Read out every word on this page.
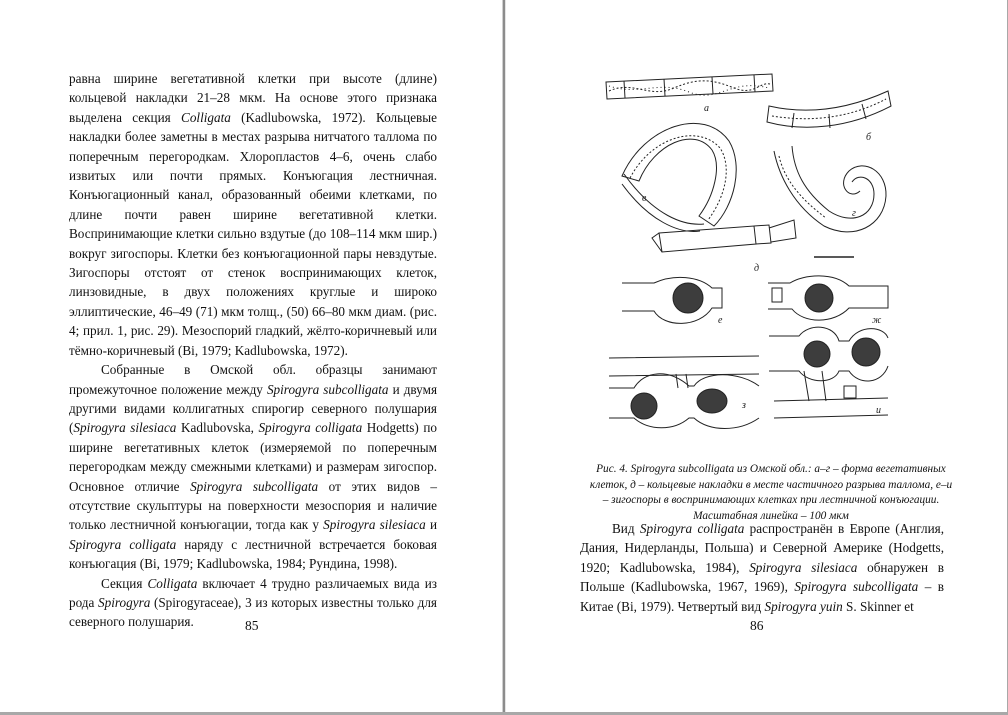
равна ширине вегетативной клетки при высоте (длине) кольцевой накладки 21–28 мкм. На основе этого признака выделена секция Colligata (Kadlubowska, 1972). Кольцевые накладки более заметны в местах разрыва нитчатого таллома по поперечным перегородкам. Хлоропластов 4–6, очень слабо извитых или почти прямых. Конъюгация лестничная. Конъюгационный канал, образованный обеими клетками, по длине почти равен ширине вегетативной клетки. Воспринимающие клетки сильно вздутые (до 108–114 мкм шир.) вокруг зигоспоры. Клетки без конъюгационной пары невздутые. Зигоспоры отстоят от стенок воспринимающих клеток, линзовидные, в двух положениях круглые и широко эллиптические, 46–49 (71) мкм толщ., (50) 66–80 мкм диам. (рис. 4; прил. 1, рис. 29). Мезоспорий гладкий, жёлто-коричневый или тёмно-коричневый (Bi, 1979; Kadlubowska, 1972).

Собранные в Омской обл. образцы занимают промежуточное положение между Spirogyra subcolligata и двумя другими видами коллигатных спирогир северного полушария (Spirogyra silesiaca Kadlubovska, Spirogyra colligata Hodgetts) по ширине вегетативных клеток (измеряемой по поперечным перегородкам между смежными клетками) и размерам зигоспор. Основное отличие Spirogyra subcolligata от этих видов – отсутствие скульптуры на поверхности мезоспория и наличие только лестничной конъюгации, тогда как у Spirogyra silesiaca и Spirogyra colligata наряду с лестничной встречается боковая конъюгация (Bi, 1979; Kadlubowska, 1984; Рундина, 1998).

Секция Colligata включает 4 трудно различаемых вида из рода Spirogyra (Spirogyraceae), 3 из которых известны только для северного полушария.	85
а
б
в
г
д
е	ж
з	и
Рис. 4. Spirogyra subcolligata из Омской обл.: а–г – форма вегетативных клеток, д – кольцевые накладки в месте частичного разрыва таллома, е–и – зигоспоры в воспринимающих клетках при лестничной конъюгации. Масштабная линейка – 100 мкм

Вид Spirogyra colligata распространён в Европе (Англия, Дания, Нидерланды, Польша) и Северной Америке (Hodgetts, 1920; Kadlubowska, 1984), Spirogyra silesiaca обнаружен в Польше (Kadlubowska, 1967, 1969), Spirogyra subcolligata – в Китае (Bi, 1979). Четвертый вид Spirogyra yuin S. Skinner et

86
